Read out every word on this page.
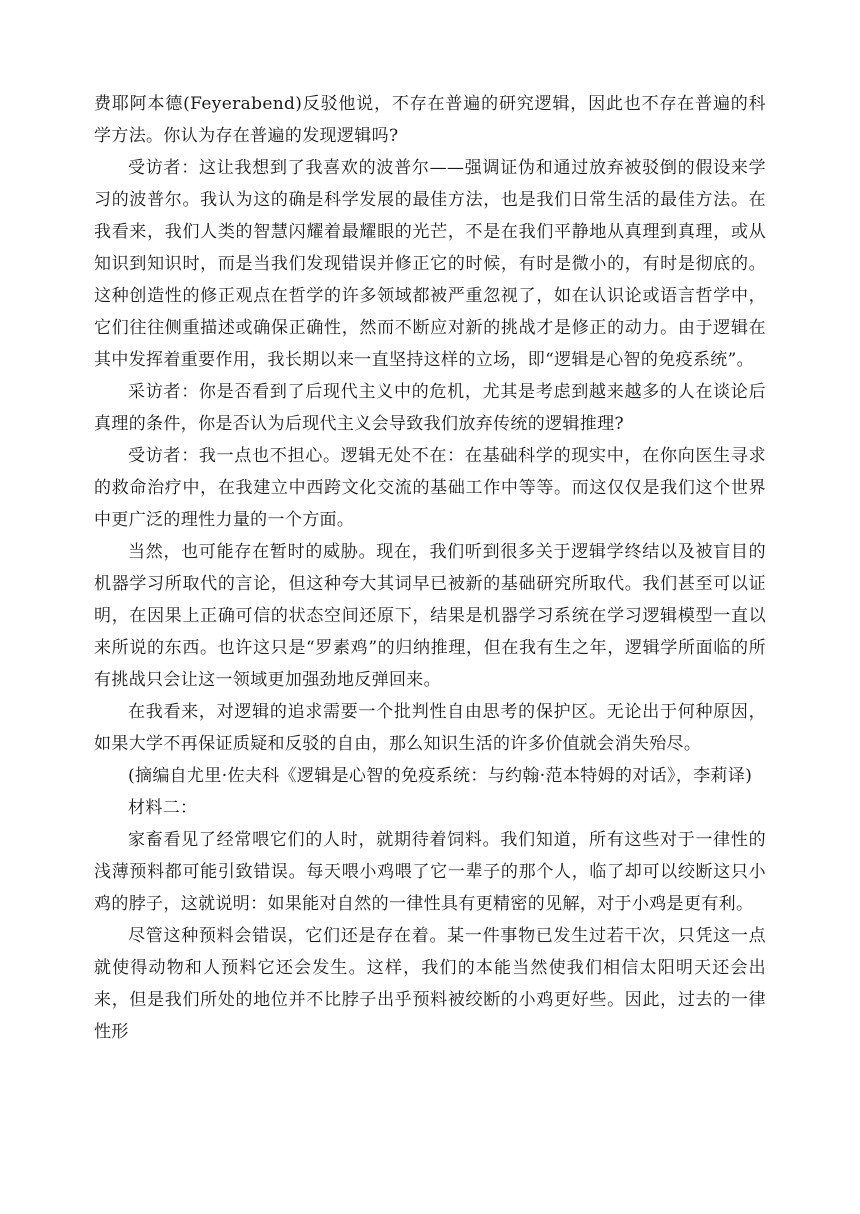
费耶阿本德(Feyerabend)反驳他说，不存在普遍的研究逻辑，因此也不存在普遍的科学方法。你认为存在普遍的发现逻辑吗?

受访者：这让我想到了我喜欢的波普尔——强调证伪和通过放弃被驳倒的假设来学习的波普尔。我认为这的确是科学发展的最佳方法，也是我们日常生活的最佳方法。在我看来，我们人类的智慧闪耀着最耀眼的光芒，不是在我们平静地从真理到真理，或从知识到知识时，而是当我们发现错误并修正它的时候，有时是微小的，有时是彻底的。这种创造性的修正观点在哲学的许多领域都被严重忽视了，如在认识论或语言哲学中，它们往往侧重描述或确保正确性，然而不断应对新的挑战才是修正的动力。由于逻辑在其中发挥着重要作用，我长期以来一直坚持这样的立场，即“逻辑是心智的免疫系统”。

采访者：你是否看到了后现代主义中的危机，尤其是考虑到越来越多的人在谈论后真理的条件，你是否认为后现代主义会导致我们放弃传统的逻辑推理?

受访者：我一点也不担心。逻辑无处不在：在基础科学的现实中，在你向医生寻求的救命治疗中，在我建立中西跨文化交流的基础工作中等等。而这仅仅是我们这个世界中更广泛的理性力量的一个方面。

当然，也可能存在暂时的威胁。现在，我们听到很多关于逻辑学终结以及被盲目的机器学习所取代的言论，但这种夸大其词早已被新的基础研究所取代。我们甚至可以证明，在因果上正确可信的状态空间还原下，结果是机器学习系统在学习逻辑模型一直以来所说的东西。也许这只是“罗素鸡”的归纳推理，但在我有生之年，逻辑学所面临的所有挑战只会让这一领域更加强劲地反弹回来。

在我看来，对逻辑的追求需要一个批判性自由思考的保护区。无论出于何种原因，如果大学不再保证质疑和反驳的自由，那么知识生活的许多价值就会消失殆尽。

(摘编自尤里·佐夫科《逻辑是心智的免疫系统：与约翰·范本特姆的对话》，李莉译)

材料二：

家畜看见了经常喂它们的人时，就期待着饲料。我们知道，所有这些对于一律性的浅薄预料都可能引致错误。每天喂小鸡喂了它一辈子的那个人，临了却可以绞断这只小鸡的脖子，这就说明：如果能对自然的一律性具有更精密的见解，对于小鸡是更有利。

尽管这种预料会错误，它们还是存在着。某一件事物已发生过若干次，只凭这一点就使得动物和人预料它还会发生。这样，我们的本能当然使我们相信太阳明天还会出来，但是我们所处的地位并不比脖子出乎预料被绞断的小鸡更好些。因此，过去的一律性形
